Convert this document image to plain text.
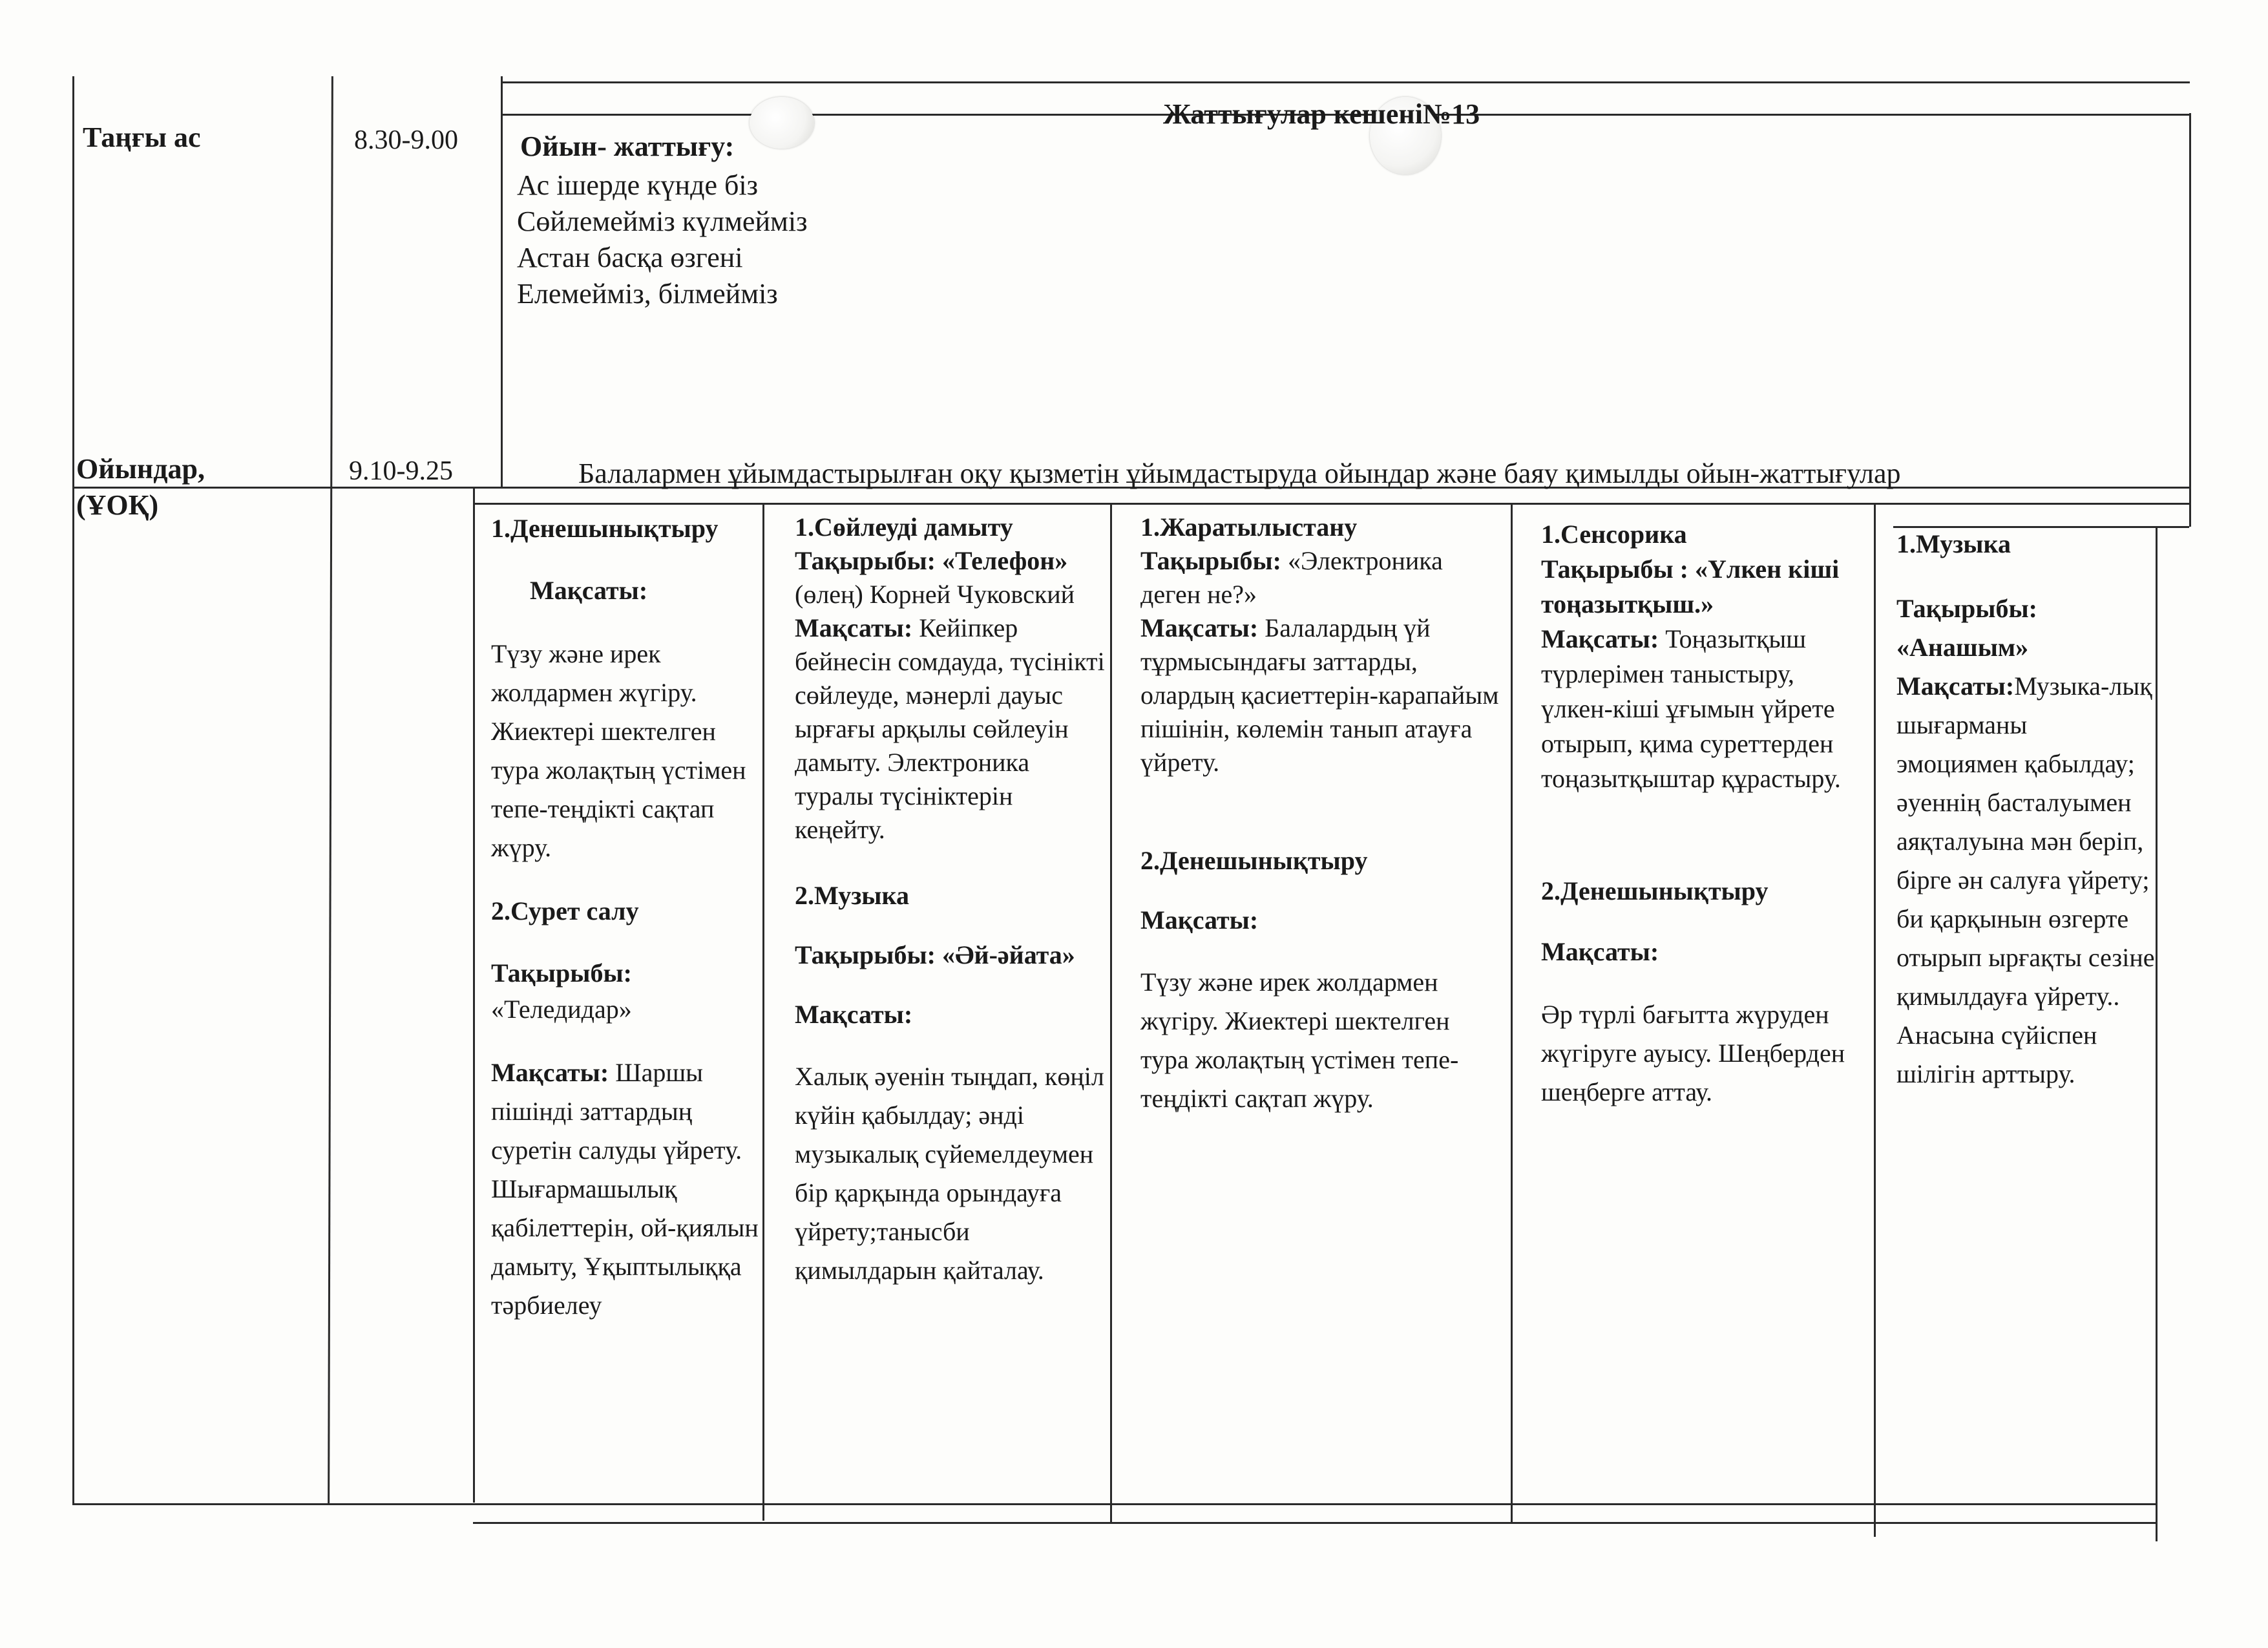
Жаттығулар кешені№13
Таңғы ас	8.30-9.00 Ойын- жаттығу:
Ас ішерде күнде біз
Сөйлемейміз күлмейміз
Астан басқа өзгені
Елемейміз, білмейміз
Ойындар,
(ҰОҚ)
9.10-9.25	Балалармен ұйымдастырылған оқу қызметін ұйымдастыруда ойындар және баяу қимылды ойын-жаттығулар

1.Денешынықтыру

Мақсаты:

Түзу және ирек жолдармен жүгіру. Жиектері шектелген тура жолақтың үстімен тепе-теңдікті сақтап жүру.

2.Сурет салу

Тақырыбы:

«Теледидар»

Мақсаты: Шаршы пішінді заттардың суретін салуды үйрету. Шығармашылық қабілеттерін, ой-қиялын дамыту, Ұқыптылыққа тәрбиелеу

1.Сөйлеуді дамыту
Тақырыбы: «Телефон» (өлең) Корней Чуковский
Мақсаты: Кейіпкер бейнесін сомдауда, түсінікті сөйлеуде, мәнерлі дауыс ырғағы арқылы сөйлеуін дамыту. Электроника туралы түсініктерін кеңейту.

2.Музыка

Тақырыбы: «Әй-әйата»

Мақсаты:

Халық әуенін тыңдап, көңіл күйін қабылдау; әнді музыкалық сүйемелдеумен бір қарқында орындауға үйрету;танысби қимылдарын қайталау.

1.Жаратылыстану
Тақырыбы: «Электроника деген не?»
Мақсаты: Балалардың үй тұрмысындағы заттарды, олардың қасиеттерін-карапайым пішінін, көлемін танып атауға үйрету.

2.Денешынықтыру

Мақсаты:

Түзу және ирек жолдармен жүгіру. Жиектері шектелген тура жолақтың үстімен тепе-теңдікті сақтап жүру.

1.Сенсорика
Тақырыбы : «Үлкен кіші тоңазытқыш.»
Мақсаты: Тоңазытқыш түрлерімен таныстыру, үлкен-кіші ұғымын үйрете отырып, қима суреттерден тоңазытқыштар құрастыру.

2.Денешынықтыру

Мақсаты:

Әр түрлі бағытта жүруден жүгіруге ауысу. Шеңберден шеңберге аттау.

1.Музыка

Тақырыбы: «Анашым»

Мақсаты:Музыка-лық шығарманы эмоциямен қабылдау; әуеннің басталуымен аяқталуына мән беріп, бірге ән салуға үйрету; би қарқынын өзгерте отырып ырғақты сезіне қимылдауға үйрету.. Анасына сүйіспен шілігін арттыру.
